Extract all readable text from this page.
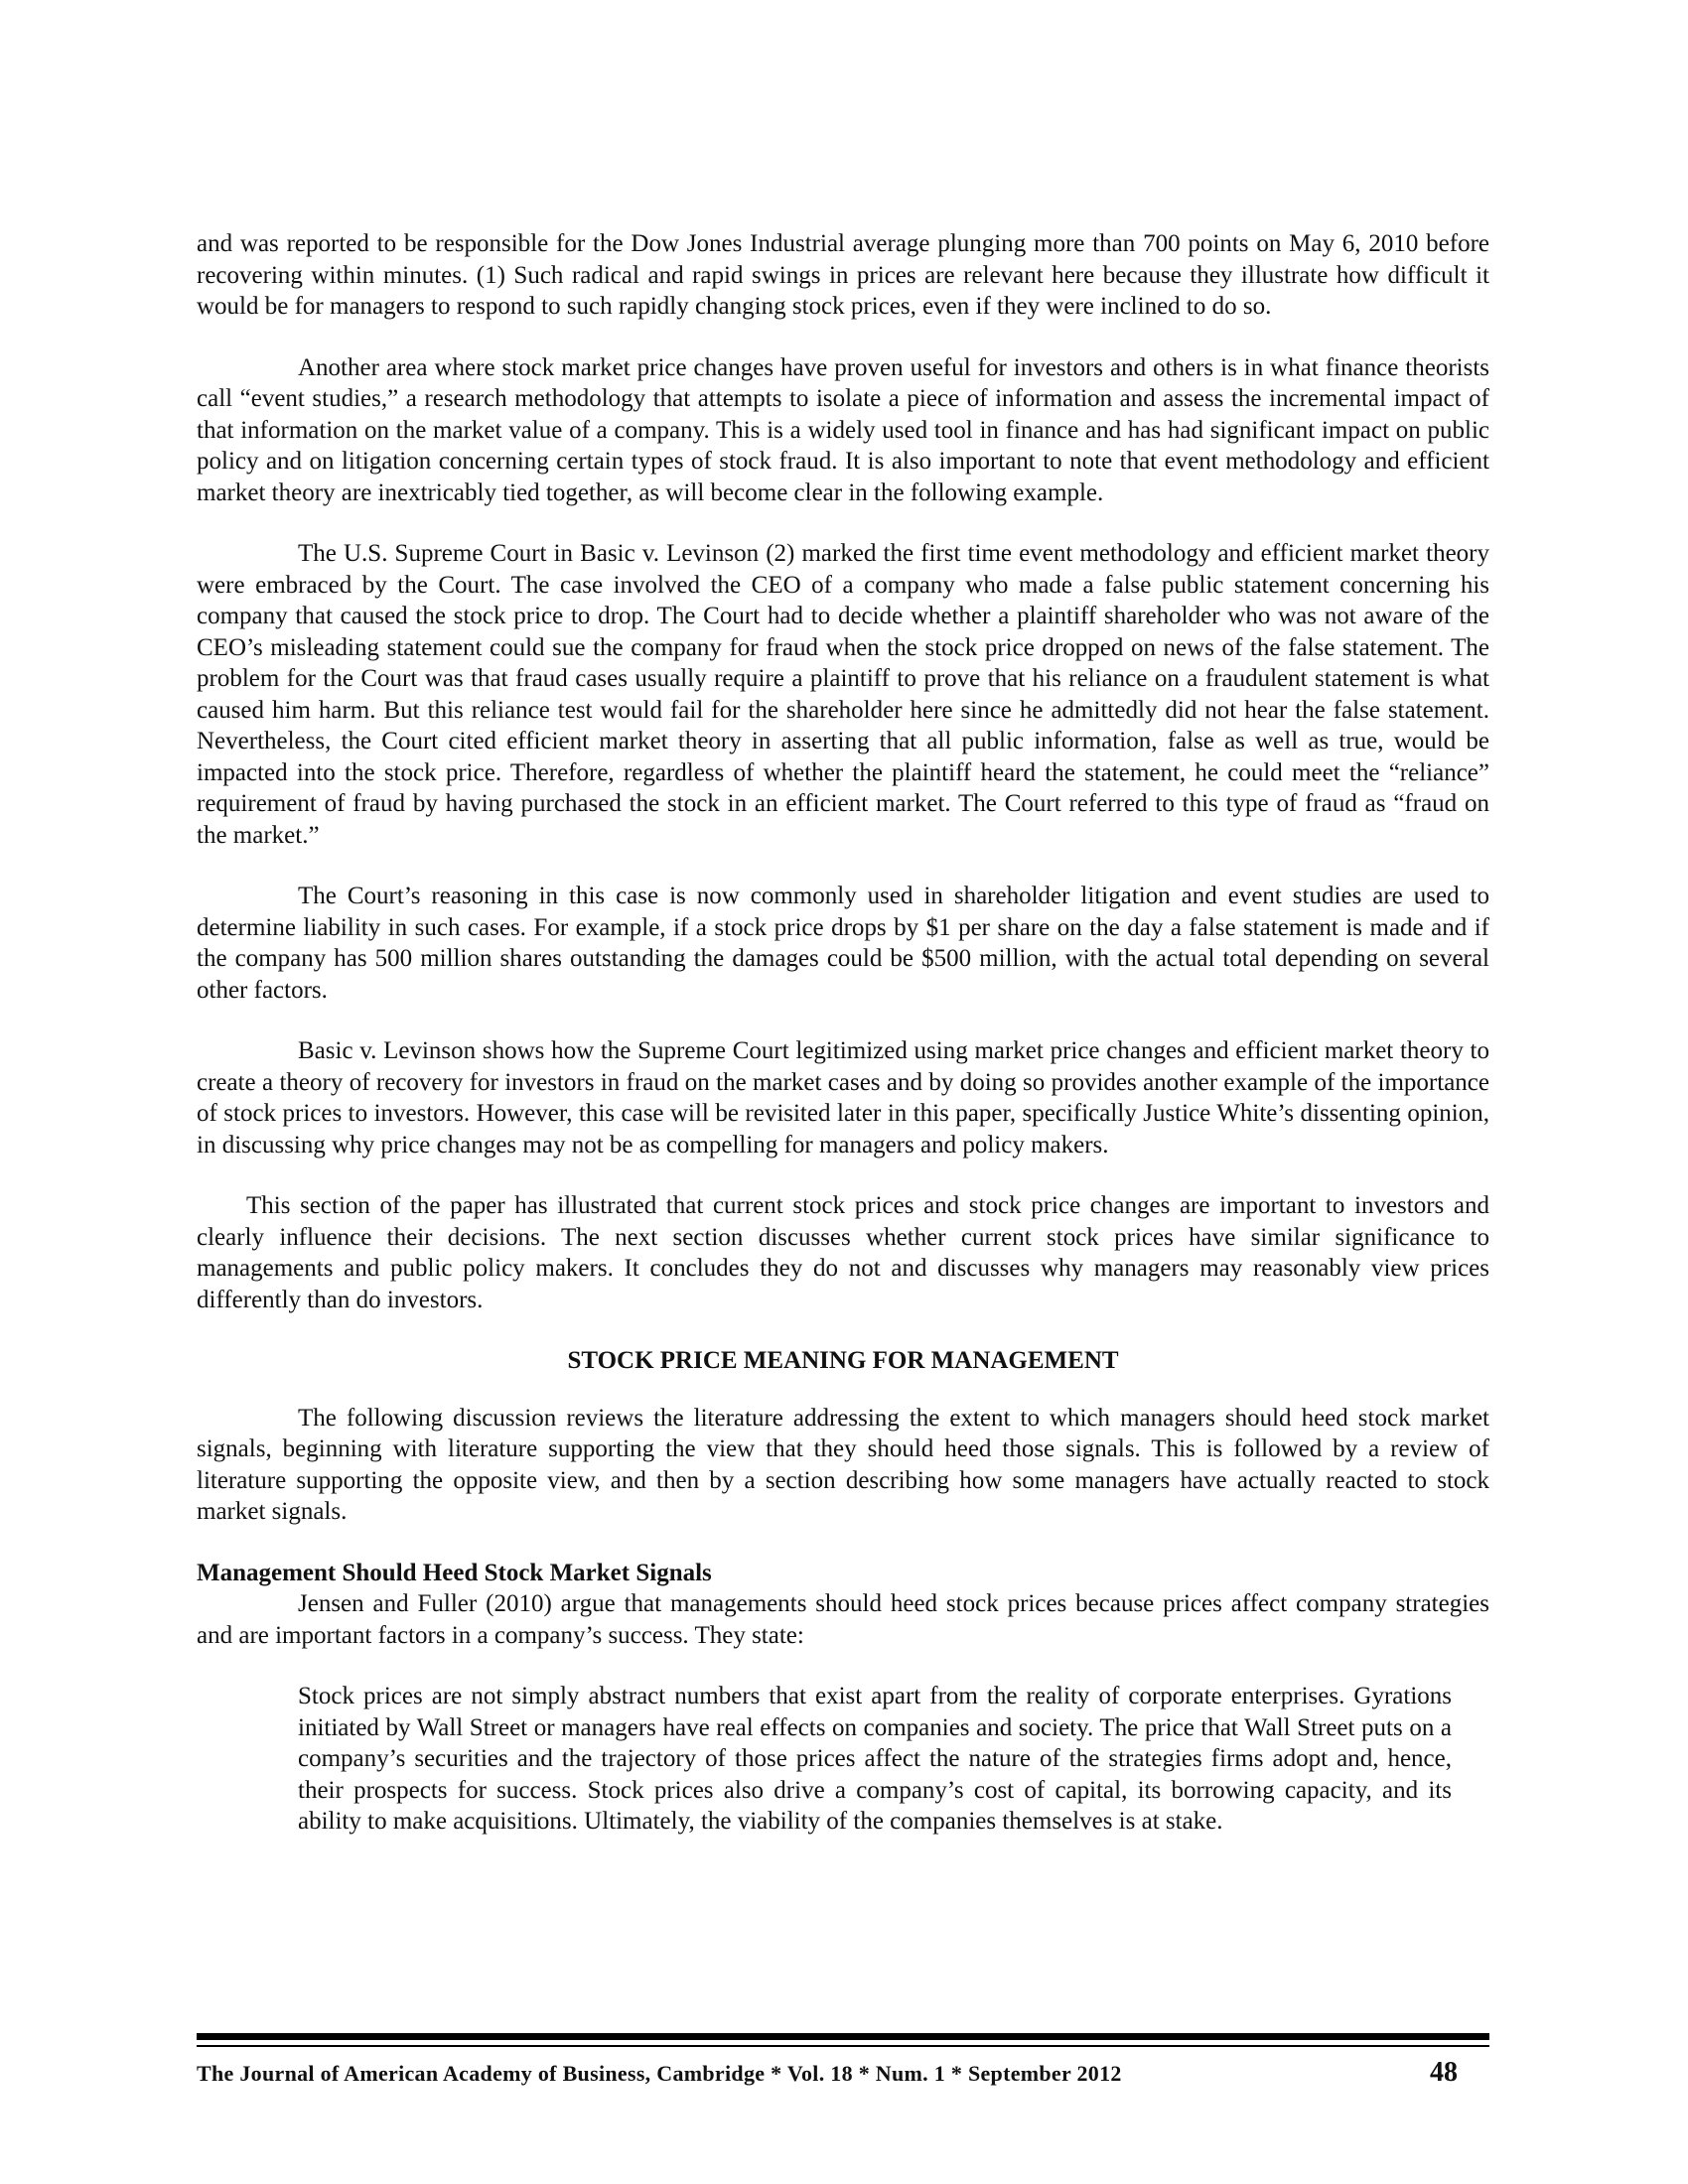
and was reported to be responsible for the Dow Jones Industrial average plunging more than 700 points on May 6, 2010 before recovering within minutes. (1) Such radical and rapid swings in prices are relevant here because they illustrate how difficult it would be for managers to respond to such rapidly changing stock prices, even if they were inclined to do so.

Another area where stock market price changes have proven useful for investors and others is in what finance theorists call “event studies,” a research methodology that attempts to isolate a piece of information and assess the incremental impact of that information on the market value of a company. This is a widely used tool in finance and has had significant impact on public policy and on litigation concerning certain types of stock fraud. It is also important to note that event methodology and efficient market theory are inextricably tied together, as will become clear in the following example.

The U.S. Supreme Court in Basic v. Levinson (2) marked the first time event methodology and efficient market theory were embraced by the Court. The case involved the CEO of a company who made a false public statement concerning his company that caused the stock price to drop. The Court had to decide whether a plaintiff shareholder who was not aware of the CEO’s misleading statement could sue the company for fraud when the stock price dropped on news of the false statement. The problem for the Court was that fraud cases usually require a plaintiff to prove that his reliance on a fraudulent statement is what caused him harm. But this reliance test would fail for the shareholder here since he admittedly did not hear the false statement. Nevertheless, the Court cited efficient market theory in asserting that all public information, false as well as true, would be impacted into the stock price. Therefore, regardless of whether the plaintiff heard the statement, he could meet the “reliance” requirement of fraud by having purchased the stock in an efficient market. The Court referred to this type of fraud as “fraud on the market.”

The Court’s reasoning in this case is now commonly used in shareholder litigation and event studies are used to determine liability in such cases. For example, if a stock price drops by $1 per share on the day a false statement is made and if the company has 500 million shares outstanding the damages could be $500 million, with the actual total depending on several other factors.

Basic v. Levinson shows how the Supreme Court legitimized using market price changes and efficient market theory to create a theory of recovery for investors in fraud on the market cases and by doing so provides another example of the importance of stock prices to investors. However, this case will be revisited later in this paper, specifically Justice White’s dissenting opinion, in discussing why price changes may not be as compelling for managers and policy makers.

This section of the paper has illustrated that current stock prices and stock price changes are important to investors and clearly influence their decisions. The next section discusses whether current stock prices have similar significance to managements and public policy makers. It concludes they do not and discusses why managers may reasonably view prices differently than do investors.

STOCK PRICE MEANING FOR MANAGEMENT

The following discussion reviews the literature addressing the extent to which managers should heed stock market signals, beginning with literature supporting the view that they should heed those signals. This is followed by a review of literature supporting the opposite view, and then by a section describing how some managers have actually reacted to stock market signals.

Management Should Heed Stock Market Signals

Jensen and Fuller (2010) argue that managements should heed stock prices because prices affect company strategies and are important factors in a company’s success. They state:

Stock prices are not simply abstract numbers that exist apart from the reality of corporate enterprises. Gyrations initiated by Wall Street or managers have real effects on companies and society. The price that Wall Street puts on a company’s securities and the trajectory of those prices affect the nature of the strategies firms adopt and, hence, their prospects for success. Stock prices also drive a company’s cost of capital, its borrowing capacity, and its ability to make acquisitions. Ultimately, the viability of the companies themselves is at stake.

The Journal of American Academy of Business, Cambridge * Vol. 18 * Num. 1 * September 2012	48
